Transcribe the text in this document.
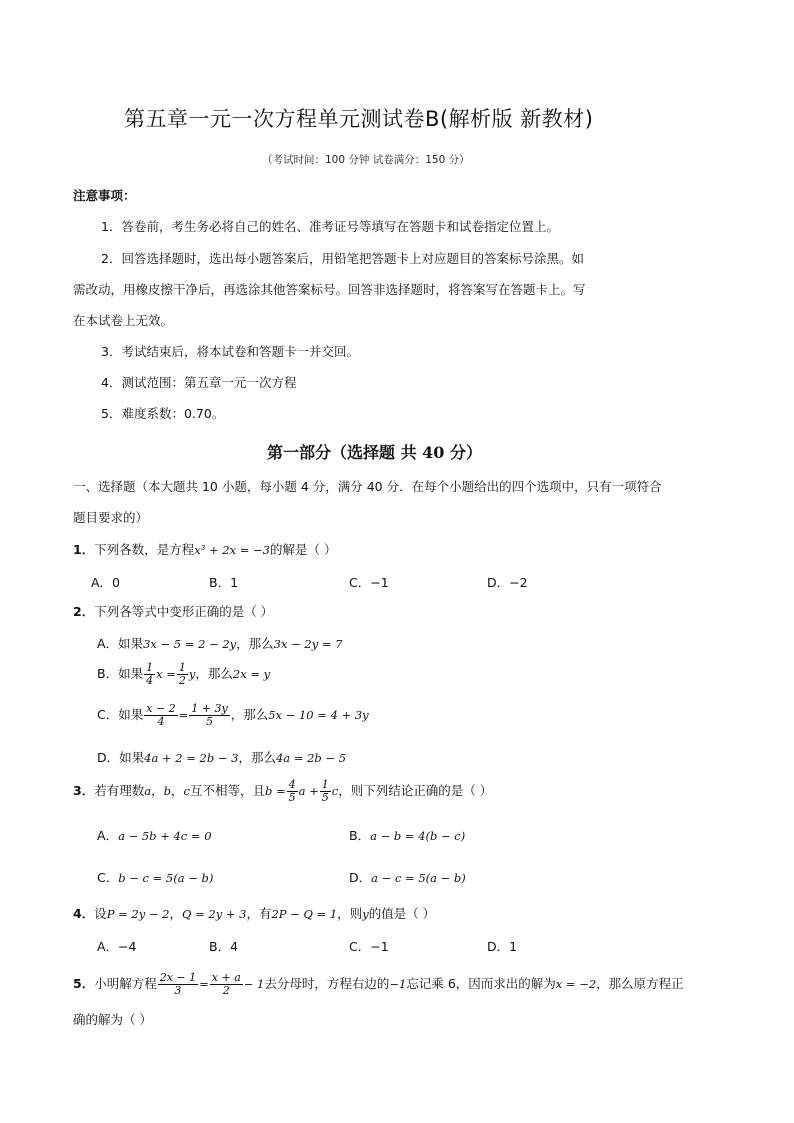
第五章一元一次方程单元测试卷B(解析版 新教材)
（考试时间：100 分钟 试卷满分：150 分）
注意事项：
1．答卷前，考生务必将自己的姓名、准考证号等填写在答题卡和试卷指定位置上。
2．回答选择题时，选出每小题答案后，用铅笔把答题卡上对应题目的答案标号涂黑。如
需改动，用橡皮擦干净后，再选涂其他答案标号。回答非选择题时，将答案写在答题卡上。写
在本试卷上无效。
3．考试结束后，将本试卷和答题卡一并交回。
4．测试范围：第五章一元一次方程
5．难度系数：0.70。
第一部分（选择题 共 40 分）
一、选择题（本大题共 10 小题，每小题 4 分，满分 40 分．在每个小题给出的四个选项中，只有一项符合
题目要求的）
1．下列各数，是方程x³ + 2x = −3的解是（ ）
A．0	B．1	C．−1	D．−2
2．下列各等式中变形正确的是（ ）
A．如果3x − 5 = 2 − 2y，那么3x − 2y = 7
B．如果 $\frac{1}{4}$ $x = \frac{1}{2}$ y，那么2x = y
C．如果 $\frac{x - 2}{4} = \frac{1 + 3y}{5}$ ，那么5x − 10 = 4 + 3y
D．如果4a + 2 = 2b − 3，那么4a = 2b − 5
3．若有理数a，b，c互不相等，且$b = \frac{4}{5}$ $a + \frac{1}{5}$ c，则下列结论正确的是（ ）
A．a − 5b + 4c = 0	B．a − b = 4(b − c)
C．b − c = 5(a − b)	D．a − c = 5(a − b)
4．设P = 2y − 2，Q = 2y + 3，有2P − Q = 1，则y的值是（ ）
A．−4	B．4	C．−1	D．1
5．小明解方程 $\frac{2x - 1}{3} = \frac{x + a}{2} - 1$去分母时，方程右边的−1忘记乘 6，因而求出的解为x = −2，那么原方程正
确的解为（ ）
